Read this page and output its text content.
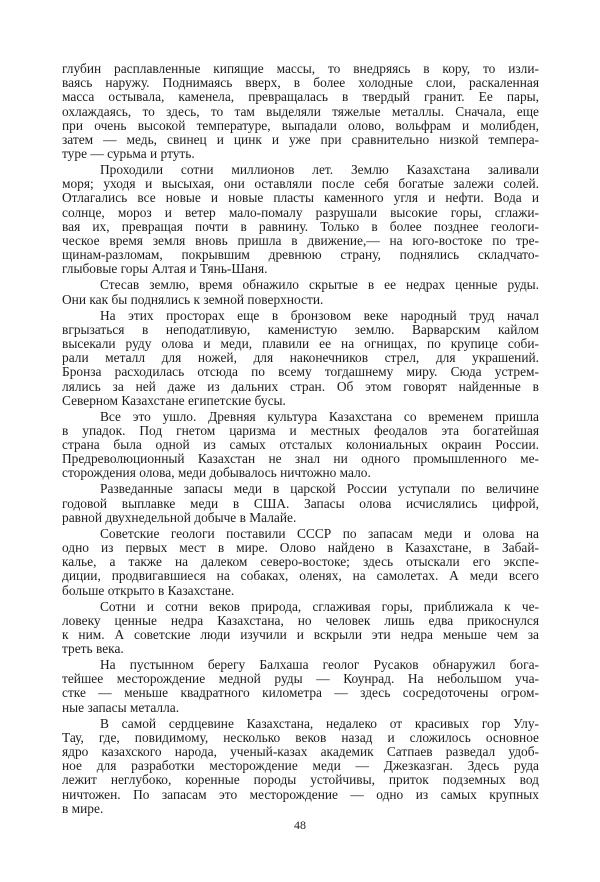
глубин расплавленные кипящие массы, то внедряясь в кору, то изли-
ваясь наружу. Поднимаясь вверх, в более холодные слои, раскаленная
масса остывала, каменела, превращалась в твердый гранит. Ее пары,
охлаждаясь, то здесь, то там выделяли тяжелые металлы. Сначала, еще
при очень высокой температуре, выпадали олово, вольфрам и молибден,
затем — медь, свинец и цинк и уже при сравнительно низкой темпера-
туре — сурьма и ртуть.
Проходили сотни миллионов лет. Землю Казахстана заливали
моря; уходя и высыхая, они оставляли после себя богатые залежи солей.
Отлагались все новые и новые пласты каменного угля и нефти. Вода и
солнце, мороз и ветер мало-помалу разрушали высокие горы, сглажи-
вая их, превращая почти в равнину. Только в более позднее геологи-
ческое время земля вновь пришла в движение,— на юго-востоке по тре-
щинам-разломам, покрывшим древнюю страну, поднялись складчато-
глыбовые горы Алтая и Тянь-Шаня.
Стесав землю, время обнажило скрытые в ее недрах ценные руды.
Они как бы поднялись к земной поверхности.
На этих просторах еще в бронзовом веке народный труд начал
вгрызаться в неподатливую, каменистую землю. Варварским кайлом
высекали руду олова и меди, плавили ее на огнищах, по крупице соби-
рали металл для ножей, для наконечников стрел, для украшений.
Бронза расходилась отсюда по всему тогдашнему миру. Сюда устрем-
лялись за ней даже из дальних стран. Об этом говорят найденные в
Северном Казахстане египетские бусы.
Все это ушло. Древняя культура Казахстана со временем пришла
в упадок. Под гнетом царизма и местных феодалов эта богатейшая
страна была одной из самых отсталых колониальных окраин России.
Предреволюционный Казахстан не знал ни одного промышленного ме-
сторождения олова, меди добывалось ничтожно мало.
Разведанные запасы меди в царской России уступали по величине
годовой выплавке меди в США. Запасы олова исчислялись цифрой,
равной двухнедельной добыче в Малайе.
Советские геологи поставили СССР по запасам меди и олова на
одно из первых мест в мире. Олово найдено в Казахстане, в Забай-
калье, а также на далеком северо-востоке; здесь отыскали его экспе-
диции, продвигавшиеся на собаках, оленях, на самолетах. А меди всего
больше открыто в Казахстане.
Сотни и сотни веков природа, сглаживая горы, приближала к че-
ловеку ценные недра Казахстана, но человек лишь едва прикоснулся
к ним. А советские люди изучили и вскрыли эти недра меньше чем за
треть века.
На пустынном берегу Балхаша геолог Русаков обнаружил бога-
тейшее месторождение медной руды — Коунрад. На небольшом уча-
стке — меньше квадратного километра — здесь сосредоточены огром-
ные запасы металла.
В самой сердцевине Казахстана, недалеко от красивых гор Улу-
Тау, где, повидимому, несколько веков назад и сложилось основное
ядро казахского народа, ученый-казах академик Сатпаев разведал удоб-
ное для разработки месторождение меди — Джезказган. Здесь руда
лежит неглубоко, коренные породы устойчивы, приток подземных вод
ничтожен. По запасам это месторождение — одно из самых крупных
в мире.
48
